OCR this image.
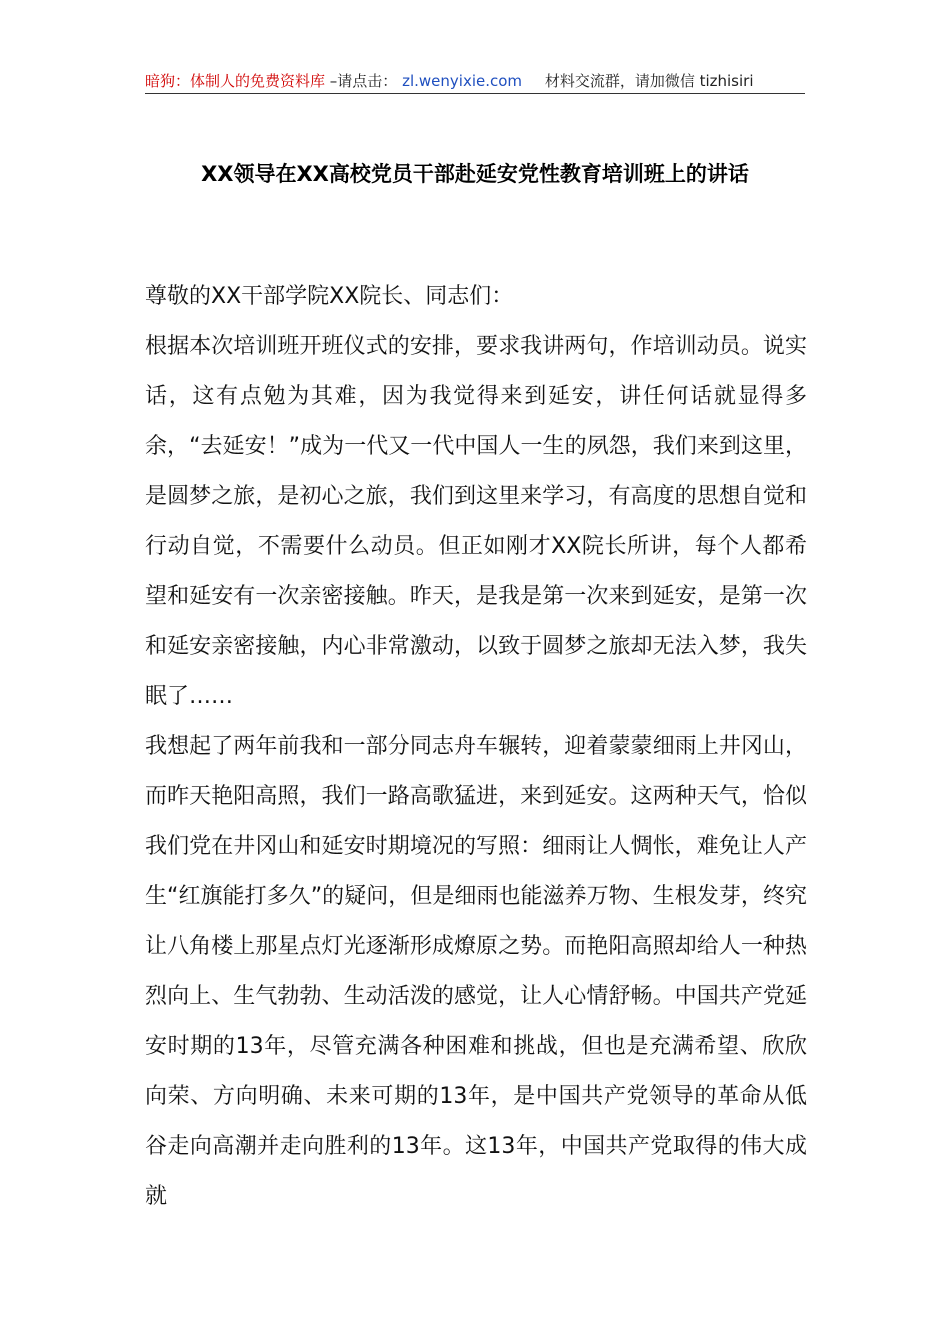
暗狗：体制人的免费资料库 –请点击： zl.wenyixie.com 材料交流群，请加微信 tizhisiri
XX领导在XX高校党员干部赴延安党性教育培训班上的讲话

尊敬的XX干部学院XX院长、同志们：

根据本次培训班开班仪式的安排，要求我讲两句，作培训动员。说实话，这有点勉为其难，因为我觉得来到延安，讲任何话就显得多余，“去延安！”成为一代又一代中国人一生的夙怨，我们来到这里，是圆梦之旅，是初心之旅，我们到这里来学习，有高度的思想自觉和行动自觉，不需要什么动员。但正如刚才XX院长所讲，每个人都希望和延安有一次亲密接触。昨天，是我是第一次来到延安，是第一次和延安亲密接触，内心非常激动，以致于圆梦之旅却无法入梦，我失眠了……

我想起了两年前我和一部分同志舟车辗转，迎着蒙蒙细雨上井冈山，而昨天艳阳高照，我们一路高歌猛进，来到延安。这两种天气，恰似我们党在井冈山和延安时期境况的写照：细雨让人惆怅，难免让人产生“红旗能打多久”的疑问，但是细雨也能滋养万物、生根发芽，终究让八角楼上那星点灯光逐渐形成燎原之势。而艳阳高照却给人一种热烈向上、生气勃勃、生动活泼的感觉，让人心情舒畅。中国共产党延安时期的13年，尽管充满各种困难和挑战，但也是充满希望、欣欣向荣、方向明确、未来可期的13年，是中国共产党领导的革命从低谷走向高潮并走向胜利的13年。这13年，中国共产党取得的伟大成就
